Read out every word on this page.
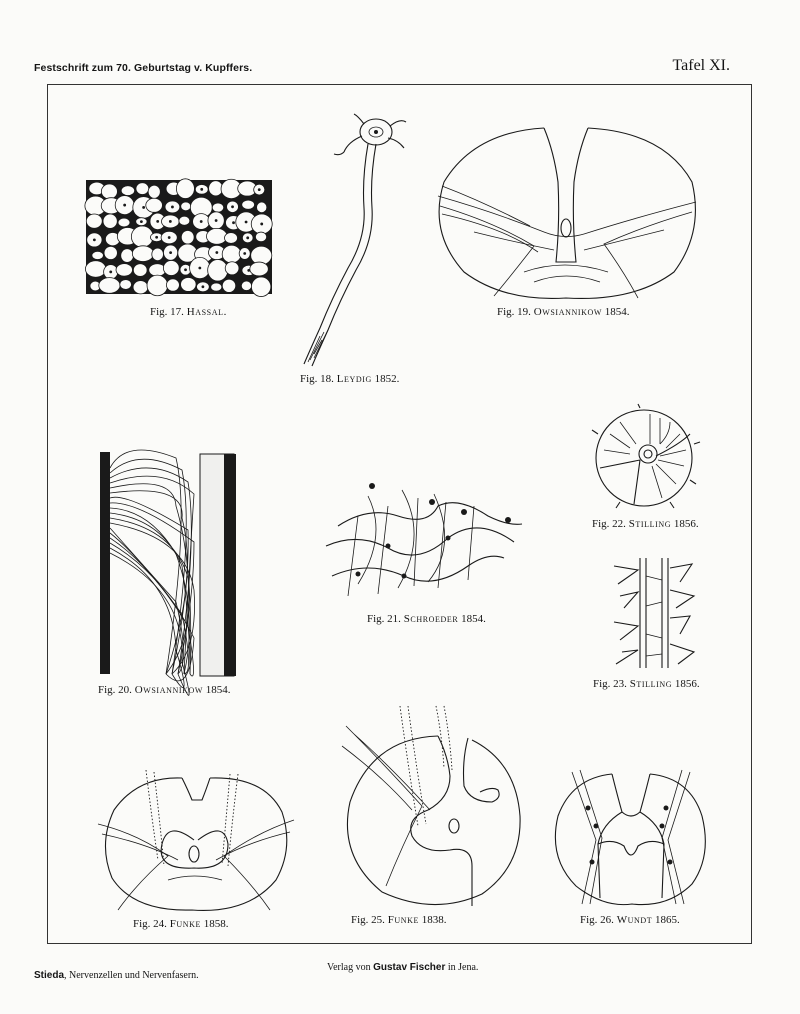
Festschrift zum 70. Geburtstag v. Kupffers.	Tafel XI.
Fig. 17. Hassal.
Fig. 18. Leydig 1852.
Fig. 19. Owsiannikow 1854.
Fig. 20. Owsiannikow 1854.
Fig. 21. Schroeder 1854.
Fig. 22. Stilling 1856.
Fig. 23. Stilling 1856.
Fig. 24. Funke 1858.	Fig. 25. Funke 1838.	Fig. 26. Wundt 1865.
Stieda, Nervenzellen und Nervenfasern.
Verlag von Gustav Fischer in Jena.
